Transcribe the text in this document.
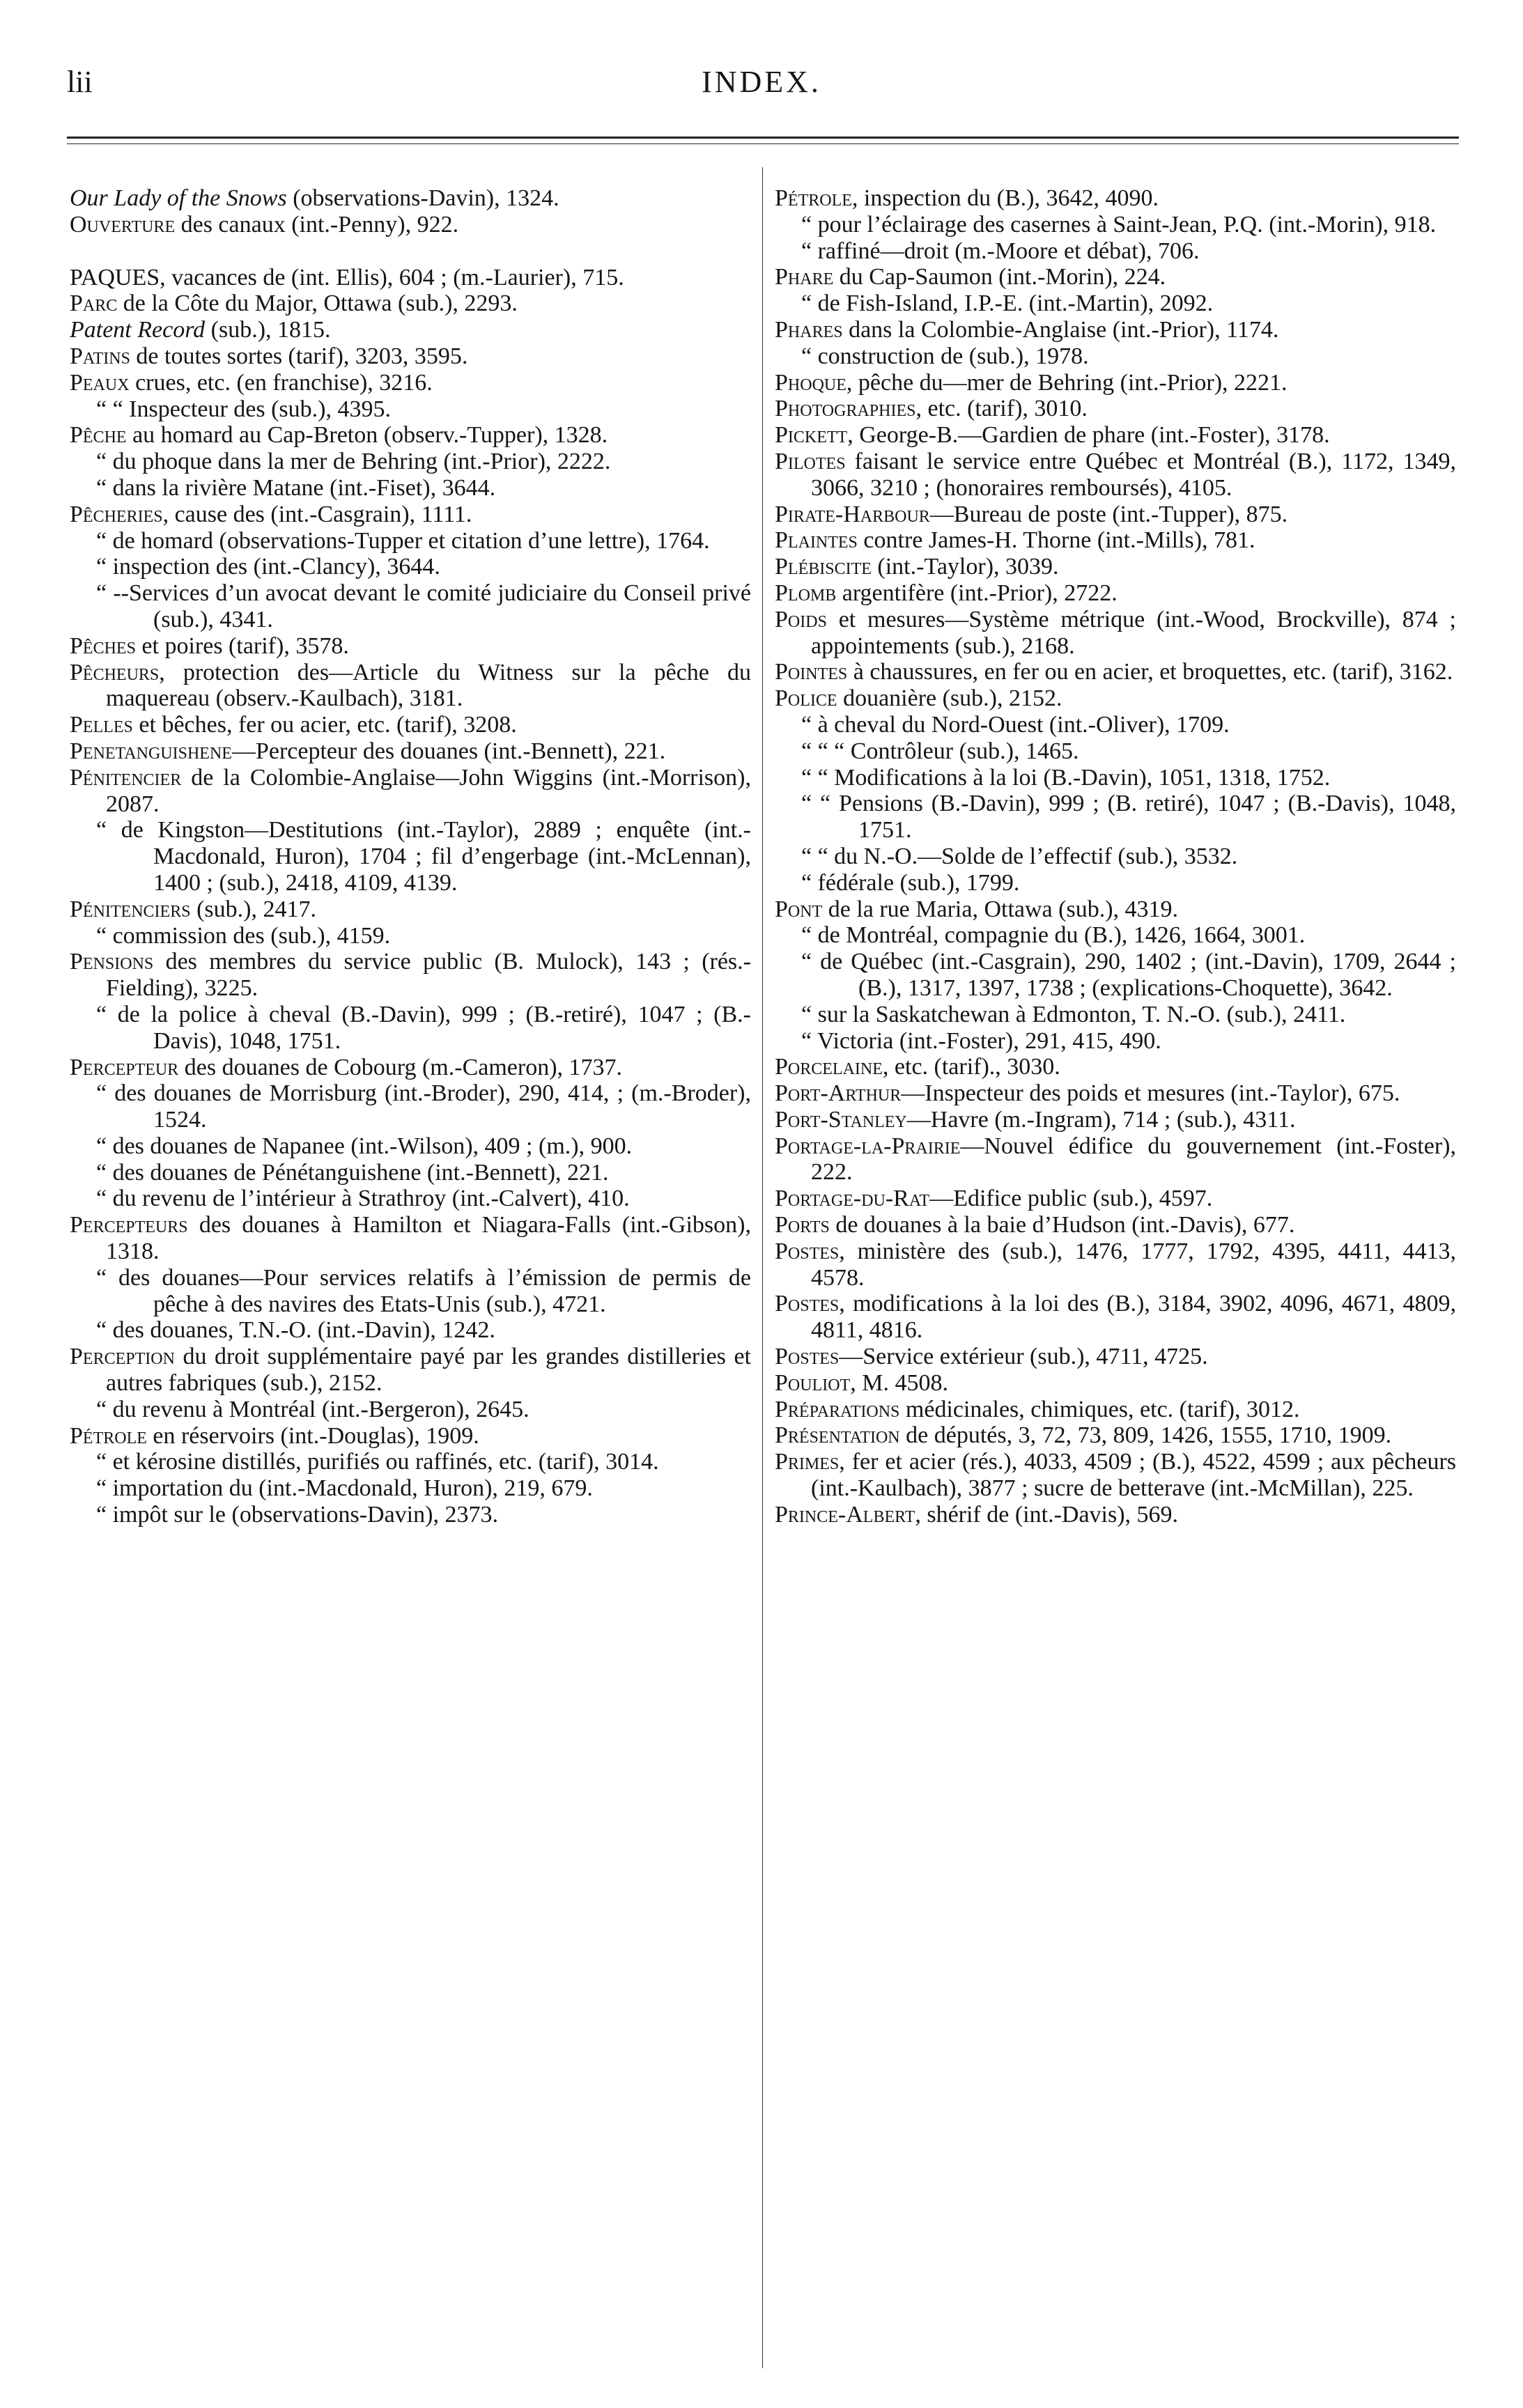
lii	INDEX.

Our Lady of the Snows (observations-Davin), 1324.

Ouverture des canaux (int.-Penny), 922.

PAQUES, vacances de (int. Ellis), 604 ; (m.-Laurier), 715.

Parc de la Côte du Major, Ottawa (sub.), 2293.

Patent Record (sub.), 1815.

Patins de toutes sortes (tarif), 3203, 3595.

Peaux crues, etc. (en franchise), 3216.

“ “ Inspecteur des (sub.), 4395.

Pêche au homard au Cap-Breton (observ.-Tupper), 1328.

“ du phoque dans la mer de Behring (int.-Prior), 2222.

“ dans la rivière Matane (int.-Fiset), 3644.

Pêcheries, cause des (int.-Casgrain), 1111.

“ de homard (observations-Tupper et citation d’une lettre), 1764.

“ inspection des (int.-Clancy), 3644.

“ --Services d’un avocat devant le comité judiciaire du Conseil privé (sub.), 4341.

Pêches et poires (tarif), 3578.

Pêcheurs, protection des—Article du Witness sur la pêche du maquereau (observ.-Kaulbach), 3181.

Pelles et bêches, fer ou acier, etc. (tarif), 3208.

Penetanguishene—Percepteur des douanes (int.-Bennett), 221.

Pénitencier de la Colombie-Anglaise—John Wiggins (int.-Morrison), 2087.

“ de Kingston—Destitutions (int.-Taylor), 2889 ; enquête (int.-Macdonald, Huron), 1704 ; fil d’engerbage (int.-McLennan), 1400 ; (sub.), 2418, 4109, 4139.

Pénitenciers (sub.), 2417.

“ commission des (sub.), 4159.

Pensions des membres du service public (B. Mulock), 143 ; (rés.-Fielding), 3225.

“ de la police à cheval (B.-Davin), 999 ; (B.-retiré), 1047 ; (B.-Davis), 1048, 1751.

Percepteur des douanes de Cobourg (m.-Cameron), 1737.

“ des douanes de Morrisburg (int.-Broder), 290, 414, ; (m.-Broder), 1524.

“ des douanes de Napanee (int.-Wilson), 409 ; (m.), 900.

“ des douanes de Pénétanguishene (int.-Bennett), 221.

“ du revenu de l’intérieur à Strathroy (int.-Calvert), 410.

Percepteurs des douanes à Hamilton et Niagara-Falls (int.-Gibson), 1318.

“ des douanes—Pour services relatifs à l’émission de permis de pêche à des navires des Etats-Unis (sub.), 4721.

“ des douanes, T.N.-O. (int.-Davin), 1242.

Perception du droit supplémentaire payé par les grandes distilleries et autres fabriques (sub.), 2152.

“ du revenu à Montréal (int.-Bergeron), 2645.

Pétrole en réservoirs (int.-Douglas), 1909.

“ et kérosine distillés, purifiés ou raffinés, etc. (tarif), 3014.

“ importation du (int.-Macdonald, Huron), 219, 679.

“ impôt sur le (observations-Davin), 2373.

Pétrole, inspection du (B.), 3642, 4090.

“ pour l’éclairage des casernes à Saint-Jean, P.Q. (int.-Morin), 918.

“ raffiné—droit (m.-Moore et débat), 706.

Phare du Cap-Saumon (int.-Morin), 224.

“ de Fish-Island, I.P.-E. (int.-Martin), 2092.

Phares dans la Colombie-Anglaise (int.-Prior), 1174.

“ construction de (sub.), 1978.

Phoque, pêche du—mer de Behring (int.-Prior), 2221.

Photographies, etc. (tarif), 3010.

Pickett, George-B.—Gardien de phare (int.-Foster), 3178.

Pilotes faisant le service entre Québec et Montréal (B.), 1172, 1349, 3066, 3210 ; (honoraires remboursés), 4105.

Pirate-Harbour—Bureau de poste (int.-Tupper), 875.

Plaintes contre James-H. Thorne (int.-Mills), 781.

Plébiscite (int.-Taylor), 3039.

Plomb argentifère (int.-Prior), 2722.

Poids et mesures—Système métrique (int.-Wood, Brockville), 874 ; appointements (sub.), 2168.

Pointes à chaussures, en fer ou en acier, et broquettes, etc. (tarif), 3162.

Police douanière (sub.), 2152.

“ à cheval du Nord-Ouest (int.-Oliver), 1709.

“ “ “ Contrôleur (sub.), 1465.

“ “ Modifications à la loi (B.-Davin), 1051, 1318, 1752.

“ “ Pensions (B.-Davin), 999 ; (B. retiré), 1047 ; (B.-Davis), 1048, 1751.

“ “ du N.-O.—Solde de l’effectif (sub.), 3532.

“ fédérale (sub.), 1799.

Pont de la rue Maria, Ottawa (sub.), 4319.

“ de Montréal, compagnie du (B.), 1426, 1664, 3001.

“ de Québec (int.-Casgrain), 290, 1402 ; (int.-Davin), 1709, 2644 ; (B.), 1317, 1397, 1738 ; (explications-Choquette), 3642.

“ sur la Saskatchewan à Edmonton, T. N.-O. (sub.), 2411.

“ Victoria (int.-Foster), 291, 415, 490.

Porcelaine, etc. (tarif)., 3030.

Port-Arthur—Inspecteur des poids et mesures (int.-Taylor), 675.

Port-Stanley—Havre (m.-Ingram), 714 ; (sub.), 4311.

Portage-la-Prairie—Nouvel édifice du gouvernement (int.-Foster), 222.

Portage-du-Rat—Edifice public (sub.), 4597.

Ports de douanes à la baie d’Hudson (int.-Davis), 677.

Postes, ministère des (sub.), 1476, 1777, 1792, 4395, 4411, 4413, 4578.

Postes, modifications à la loi des (B.), 3184, 3902, 4096, 4671, 4809, 4811, 4816.

Postes—Service extérieur (sub.), 4711, 4725.

Pouliot, M. 4508.

Préparations médicinales, chimiques, etc. (tarif), 3012.

Présentation de députés, 3, 72, 73, 809, 1426, 1555, 1710, 1909.

Primes, fer et acier (rés.), 4033, 4509 ; (B.), 4522, 4599 ; aux pêcheurs (int.-Kaulbach), 3877 ; sucre de betterave (int.-McMillan), 225.

Prince-Albert, shérif de (int.-Davis), 569.
